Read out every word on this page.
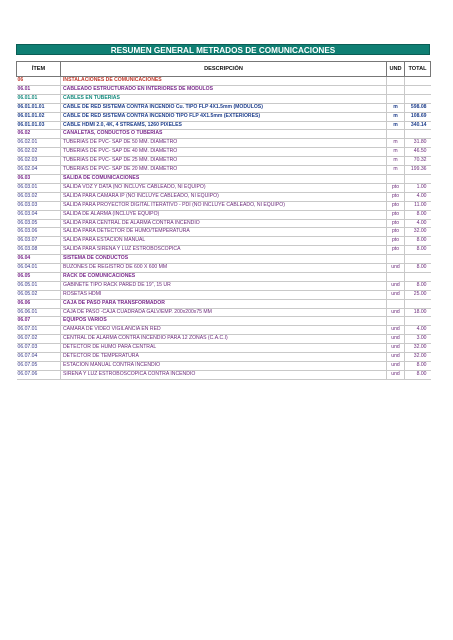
RESUMEN GENERAL METRADOS DE COMUNICACIONES
ÍTEM	DESCRIPCIÓN	UND	TOTAL
06	INSTALACIONES DE COMUNICACIONES		
06.01	CABLEADO ESTRUCTURADO EN INTERIORES DE MÓDULOS		
06.01.01	CABLES EN TUBERÍAS		
06.01.01.01	CABLE DE RED SISTEMA CONTRA INCENDIO Cu. TIPO FLP 4X1.5mm (MÓDULOS)	m	598.08
06.01.01.02	CABLE DE RED SISTEMA CONTRA INCENDIO TIPO FLP 4X1.5mm (EXTERIORES)	m	108.69
06.01.01.03	CABLE HDMI 2.0, 4K, 4 STREAMS, 1260 PIXELES	m	340.14
06.02	CANALETAS, CONDUCTOS O TUBERÍAS		
06.02.01	TUBERÍAS DE PVC- SAP DE 50 MM. DIÁMETRO	m	31.80
06.02.02	TUBERÍAS DE PVC- SAP DE 40 MM. DIÁMETRO	m	46.50
06.02.03	TUBERÍAS DE PVC- SAP DE 25 MM. DIÁMETRO	m	70.32
06.02.04	TUBERÍAS DE PVC- SAP DE 20 MM. DIÁMETRO	m	199.36
06.03	SALIDA DE COMUNICACIONES		
06.03.01	SALIDA VOZ Y DATA (NO INCLUYE CABLEADO, NI EQUIPO)	pto	1.00
06.03.02	SALIDA PARA CÁMARA IP (NO INCLUYE CABLEADO, NI EQUIPO)	pto	4.00
06.03.03	SALIDA PARA PROYECTOR DIGITAL ITERATIVO - PDI (NO INCLUYE CABLEADO, NI EQUIPO)	pto	11.00
06.03.04	SALIDA DE ALARMA (INCLUYE EQUIPO)	pto	8.00
06.03.05	SALIDA PARA CENTRAL DE ALARMA CONTRA INCENDIO	pto	4.00
06.03.06	SALIDA PARA DETECTOR DE HUMO/TEMPERATURA	pto	32.00
06.03.07	SALIDA PARA ESTACIÓN MANUAL	pto	8.00
06.03.08	SALIDA PARA SIRENA Y LUZ ESTROBOSCÓPICA	pto	8.00
06.04	SISTEMA DE CONDUCTOS		
06.04.01	BUZONES DE REGISTRO DE 600 X 600 MM	und	8.00
06.05	RACK DE COMUNICACIONES		
06.05.01	GABINETE TIPO RACK PARED DE 19", 15 UR	und	8.00
06.05.02	ROSETAS HDMI	und	25.00
06.06	CAJA DE PASO PARA TRANSFORMADOR		
06.06.01	CAJA DE PASO -CAJA CUADRADA GALV/EMP. 200x200x75 MM	und	18.00
06.07	EQUIPOS VARIOS		
06.07.01	CÁMARA DE VIDEO VIGILANCIA EN RED	und	4.00
06.07.02	CENTRAL DE ALARMA CONTRA INCENDIO PARA 12 ZONAS (C.A.C.I)	und	3.00
06.07.03	DETECTOR DE HUMO PARA CENTRAL	und	32.00
06.07.04	DETECTOR DE TEMPERATURA	und	32.00
06.07.05	ESTACIÓN MANUAL CONTRA INCENDIO	und	8.00
06.07.06	SIRENA Y LUZ ESTROBOSCÓPICA CONTRA INCENDIO	und	8.00
